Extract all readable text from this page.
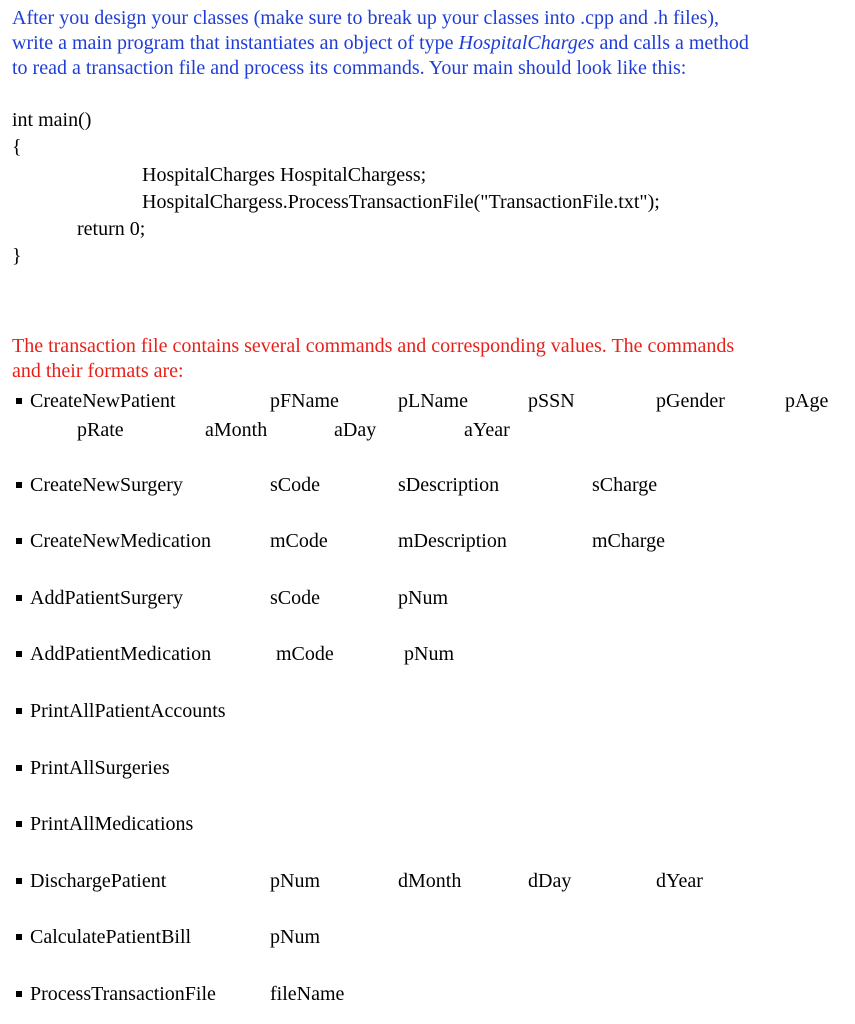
After you design your classes (make sure to break up your classes into .cpp and .h files),

write a main program that instantiates an object of type HospitalCharges and calls a method

to read a transaction file and process its commands. Your main should look like this:

int main()
{
HospitalCharges HospitalChargess;
HospitalChargess.ProcessTransactionFile("TransactionFile.txt");
return 0;
}

The transaction file contains several commands and corresponding values. The commands

and their formats are:

CreateNewPatient	pFName	pLName	pSSN	pGender	pAge
pRate	aMonth	aDay	aYear
CreateNewSurgery	sCode	sDescription	sCharge
CreateNewMedication	mCode	mDescription	mCharge
AddPatientSurgery	sCode	pNum
AddPatientMedication	mCode	pNum
PrintAllPatientAccounts
PrintAllSurgeries
PrintAllMedications
DischargePatient	pNum	dMonth	dDay	dYear
CalculatePatientBill	pNum
ProcessTransactionFile	fileName
